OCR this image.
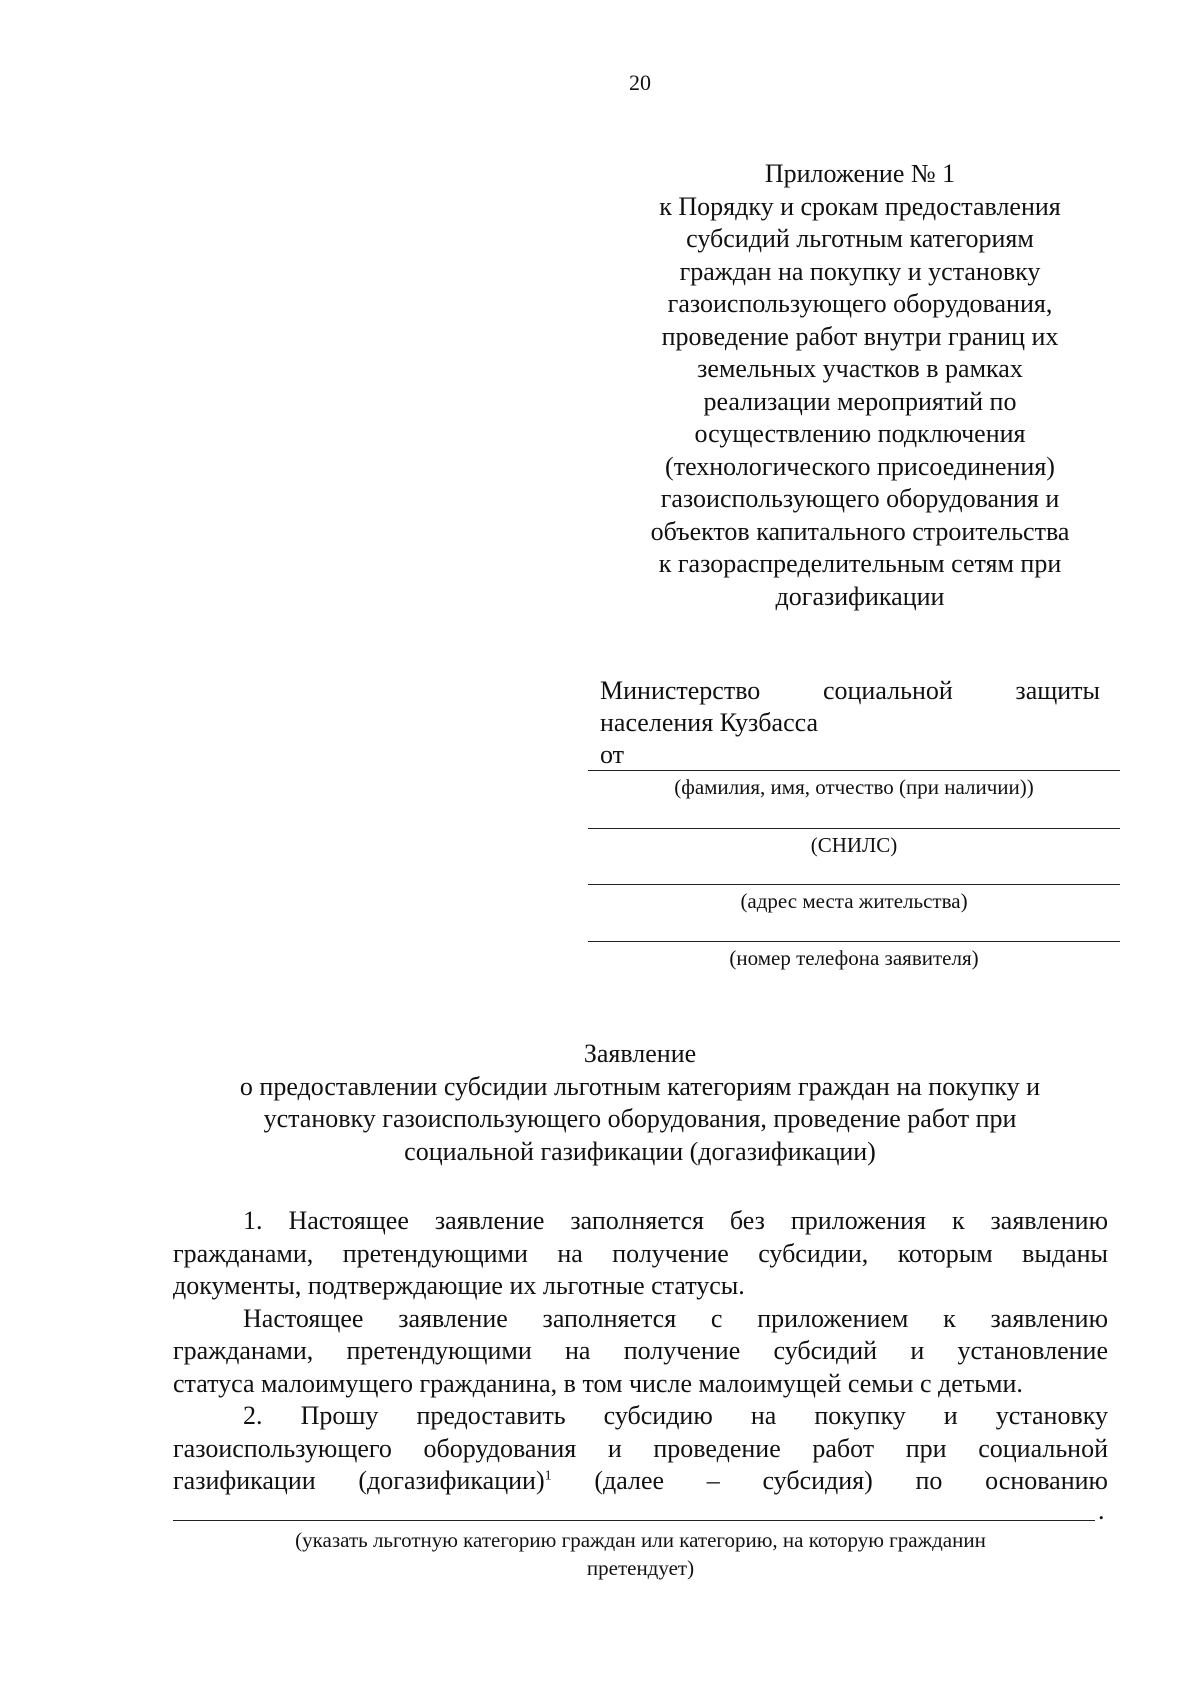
20
Приложение № 1
к Порядку и срокам предоставления
субсидий льготным категориям
граждан на покупку и установку
газоиспользующего оборудования,
проведение работ внутри границ их
земельных участков в рамках
реализации мероприятий по
осуществлению подключения
(технологического присоединения)
газоиспользующего оборудования и
объектов капитального строительства
к газораспределительным сетям при
догазификации
Министерство социальной защиты
населения Кузбасса
от
(фамилия, имя, отчество (при наличии))
(СНИЛС)
(адрес места жительства)
(номер телефона заявителя)
Заявление
о предоставлении субсидии льготным категориям граждан на покупку и
установку газоиспользующего оборудования, проведение работ при
социальной газификации (догазификации)
1. Настоящее заявление заполняется без приложения к заявлению
гражданами, претендующими на получение субсидии, которым выданы
документы, подтверждающие их льготные статусы.
Настоящее заявление заполняется с приложением к заявлению
гражданами, претендующими на получение субсидий и установление
статуса малоимущего гражданина, в том числе малоимущей семьи с детьми.
2. Прошу предоставить субсидию на покупку и установку
газоиспользующего оборудования и проведение работ при социальной
газификации (догазификации)$^1$ (далее – субсидия) по основанию
.
(указать льготную категорию граждан или категорию, на которую гражданин
претендует)
